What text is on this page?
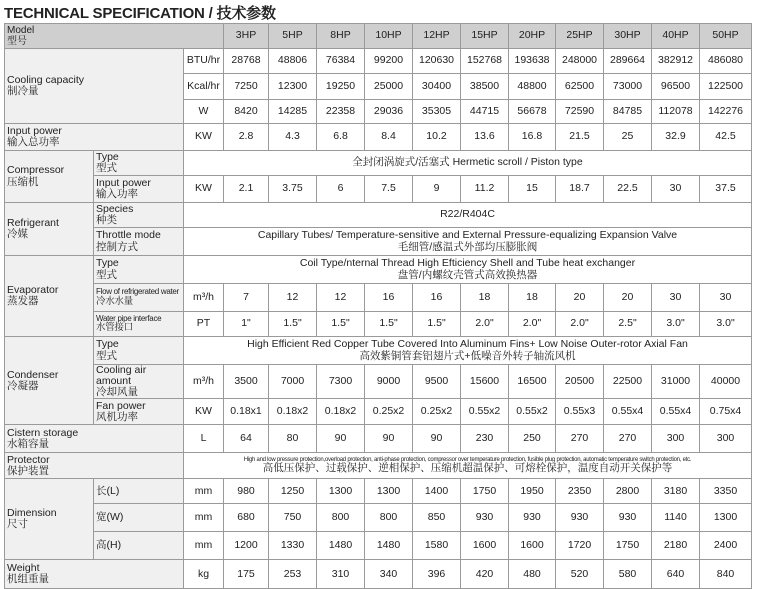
TECHNICAL SPECIFICATION / 技术参数
Model
型号			3HP	5HP	8HP	10HP	12HP	15HP	20HP	25HP	30HP	40HP	50HP

Cooling capacity
制冷量		BTU/hr	28768	48806	76384	99200	120630	152768	193638	248000	289664	382912	486080
		Kcal/hr	7250	12300	19250	25000	30400	38500	48800	62500	73000	96500	122500
		W	8420	14285	22358	29036	35305	44715	56678	72590	84785	112078	142276

Input power
输入总功率		KW	2.8	4.3	6.8	8.4	10.2	13.6	16.8	21.5	25	32.9	42.5

Compressor
压缩机	Type
型式	全封闭涡旋式/活塞式 Hermetic scroll / Piston type											

	Input power
输入功率	KW	2.1	3.75	6	7.5	9	11.2	15	18.7	22.5	30	37.5

Refrigerant
冷媒	Species
种类	R22/R404C											

	Throttle mode
控制方式	Capillary Tubes/ Temperature-sensitive and External Pressure-equalizing Expansion Valve
毛细管/感温式外部均压膨胀阀											

Evaporator
蒸发器	Type
型式	Coil Type/nternal Thread High Efticiency Shell and Tube heat exchanger
盘管/内螺纹壳管式高效换热器											

	Flow of refrigerated water
冷水水量	m³/h	7	12	12	16	16	18	18	20	20	30	30

	Water pipe interface
水管接口	PT	1"	1.5"	1.5"	1.5"	1.5"	2.0"	2.0"	2.0"	2.5"	3.0"	3.0"

Condenser
冷凝器	Type
型式	High Efficient Red Copper Tube Covered Into Aluminum Fins+ Low Noise Outer-rotor Axial Fan
高效紫铜管套铝翅片式+低噪音外转子轴流风机											

	Cooling air amount
冷却风量	m³/h	3500	7000	7300	9000	9500	15600	16500	20500	22500	31000	40000

	Fan power
风机功率	KW	0.18x1	0.18x2	0.18x2	0.25x2	0.25x2	0.55x2	0.55x2	0.55x3	0.55x4	0.55x4	0.75x4

Cistern storage
水箱容量		L	64	80	90	90	90	230	250	270	270	300	300

Protector
保护装置		High and low pressure protection,overload protection, anti-phase protection, compressor over temperature protection, fusible plug protection, automatic temperature switch protection, etc.
高低压保护、过载保护、逆相保护、压缩机超温保护、可熔栓保护，温度自动开关保护等											

Dimension
尺寸	长(L)	mm	980	1250	1300	1300	1400	1750	1950	2350	2800	3180	3350
	宽(W)	mm	680	750	800	800	850	930	930	930	930	1140	1300
	高(H)	mm	1200	1330	1480	1480	1580	1600	1600	1720	1750	2180	2400

Weight
机组重量		kg	175	253	310	340	396	420	480	520	580	640	840
